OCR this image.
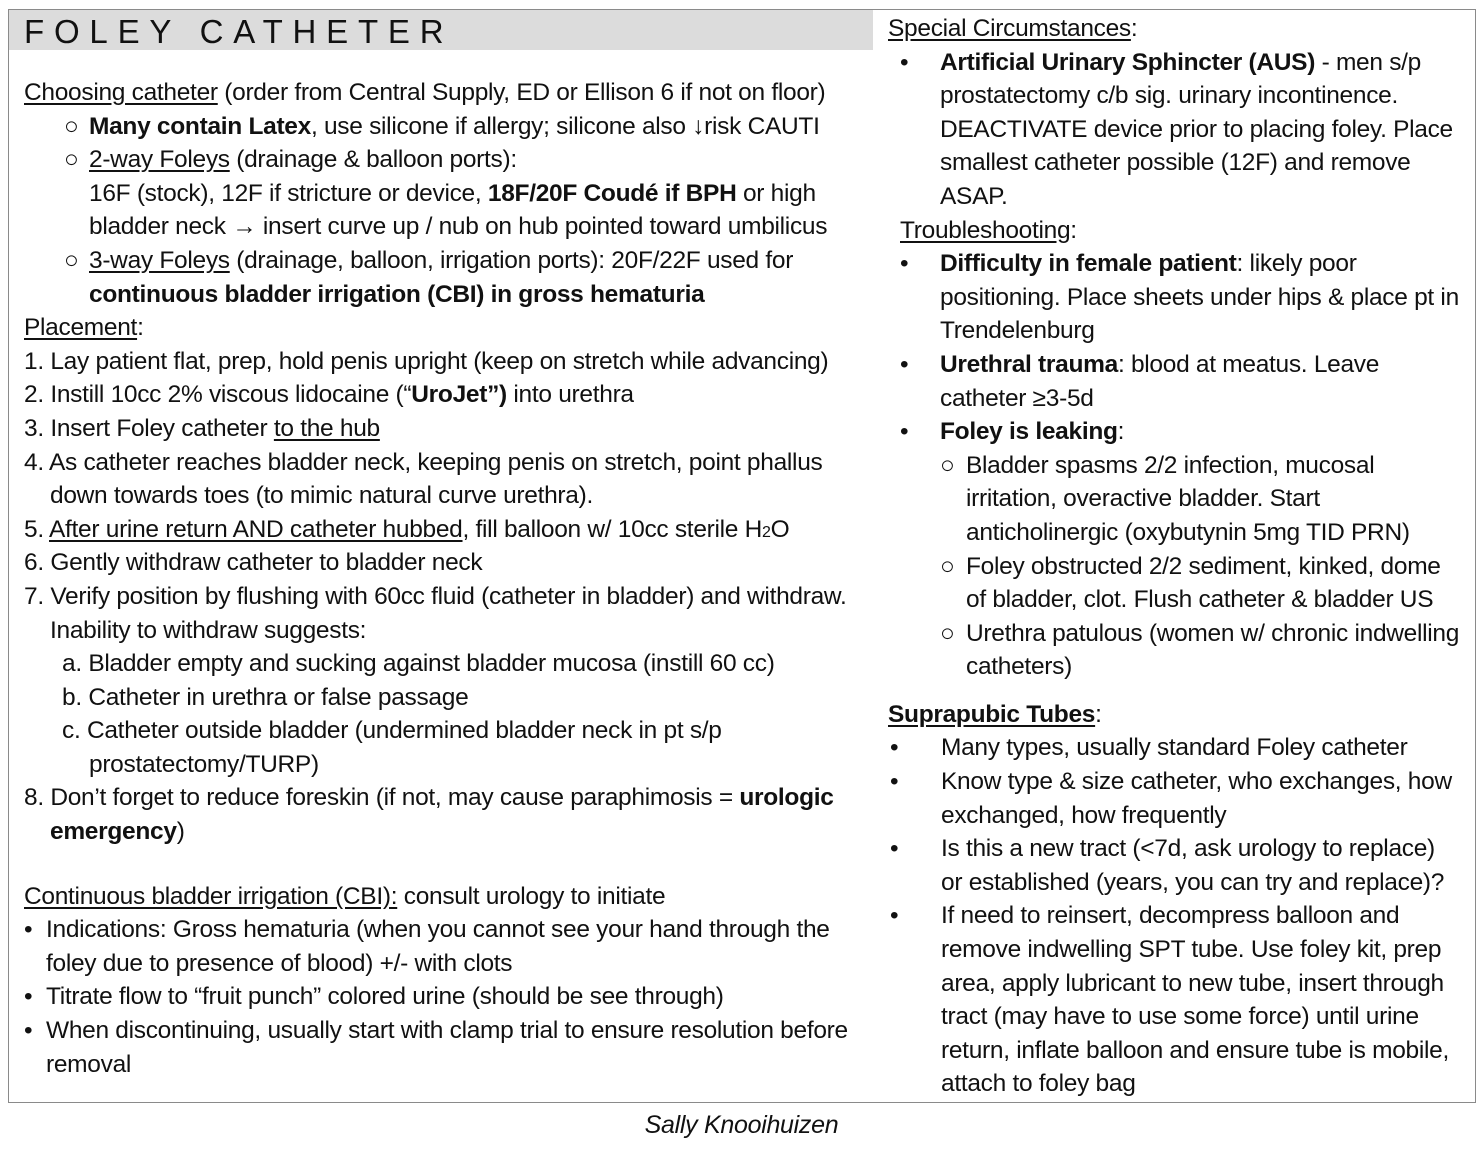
FOLEY CATHETER
Choosing catheter (order from Central Supply, ED or Ellison 6 if not on floor)
○ Many contain Latex, use silicone if allergy; silicone also ↓risk CAUTI
○ 2-way Foleys (drainage & balloon ports):
16F (stock), 12F if stricture or device, 18F/20F Coudé if BPH or high
bladder neck → insert curve up / nub on hub pointed toward umbilicus
○ 3-way Foleys (drainage, balloon, irrigation ports): 20F/22F used for
continuous bladder irrigation (CBI) in gross hematuria
Placement:
1. Lay patient flat, prep, hold penis upright (keep on stretch while advancing)
2. Instill 10cc 2% viscous lidocaine (“UroJet”) into urethra
3. Insert Foley catheter to the hub
4. As catheter reaches bladder neck, keeping penis on stretch, point phallus
down towards toes (to mimic natural curve urethra).
5. After urine return AND catheter hubbed, fill balloon w/ 10cc sterile H2O
6. Gently withdraw catheter to bladder neck
7. Verify position by flushing with 60cc fluid (catheter in bladder) and withdraw.
Inability to withdraw suggests:
a. Bladder empty and sucking against bladder mucosa (instill 60 cc)
b. Catheter in urethra or false passage
c. Catheter outside bladder (undermined bladder neck in pt s/p
prostatectomy/TURP)
8. Don’t forget to reduce foreskin (if not, may cause paraphimosis = urologic
emergency)
Continuous bladder irrigation (CBI): consult urology to initiate
• Indications: Gross hematuria (when you cannot see your hand through the
foley due to presence of blood) +/- with clots
• Titrate flow to “fruit punch” colored urine (should be see through)
• When discontinuing, usually start with clamp trial to ensure resolution before
removal
Special Circumstances:
• Artificial Urinary Sphincter (AUS) - men s/p
prostatectomy c/b sig. urinary incontinence.
DEACTIVATE device prior to placing foley. Place
smallest catheter possible (12F) and remove
ASAP.
Troubleshooting:
• Difficulty in female patient: likely poor
positioning. Place sheets under hips & place pt in
Trendelenburg
• Urethral trauma: blood at meatus. Leave
catheter ≥3-5d
• Foley is leaking:
○ Bladder spasms 2/2 infection, mucosal
irritation, overactive bladder. Start
anticholinergic (oxybutynin 5mg TID PRN)
○ Foley obstructed 2/2 sediment, kinked, dome
of bladder, clot. Flush catheter & bladder US
○ Urethra patulous (women w/ chronic indwelling
catheters)
Suprapubic Tubes:
• Many types, usually standard Foley catheter
• Know type & size catheter, who exchanges, how
exchanged, how frequently
• Is this a new tract (<7d, ask urology to replace)
or established (years, you can try and replace)?
• If need to reinsert, decompress balloon and
remove indwelling SPT tube. Use foley kit, prep
area, apply lubricant to new tube, insert through
tract (may have to use some force) until urine
return, inflate balloon and ensure tube is mobile,
attach to foley bag
Sally Knooihuizen
